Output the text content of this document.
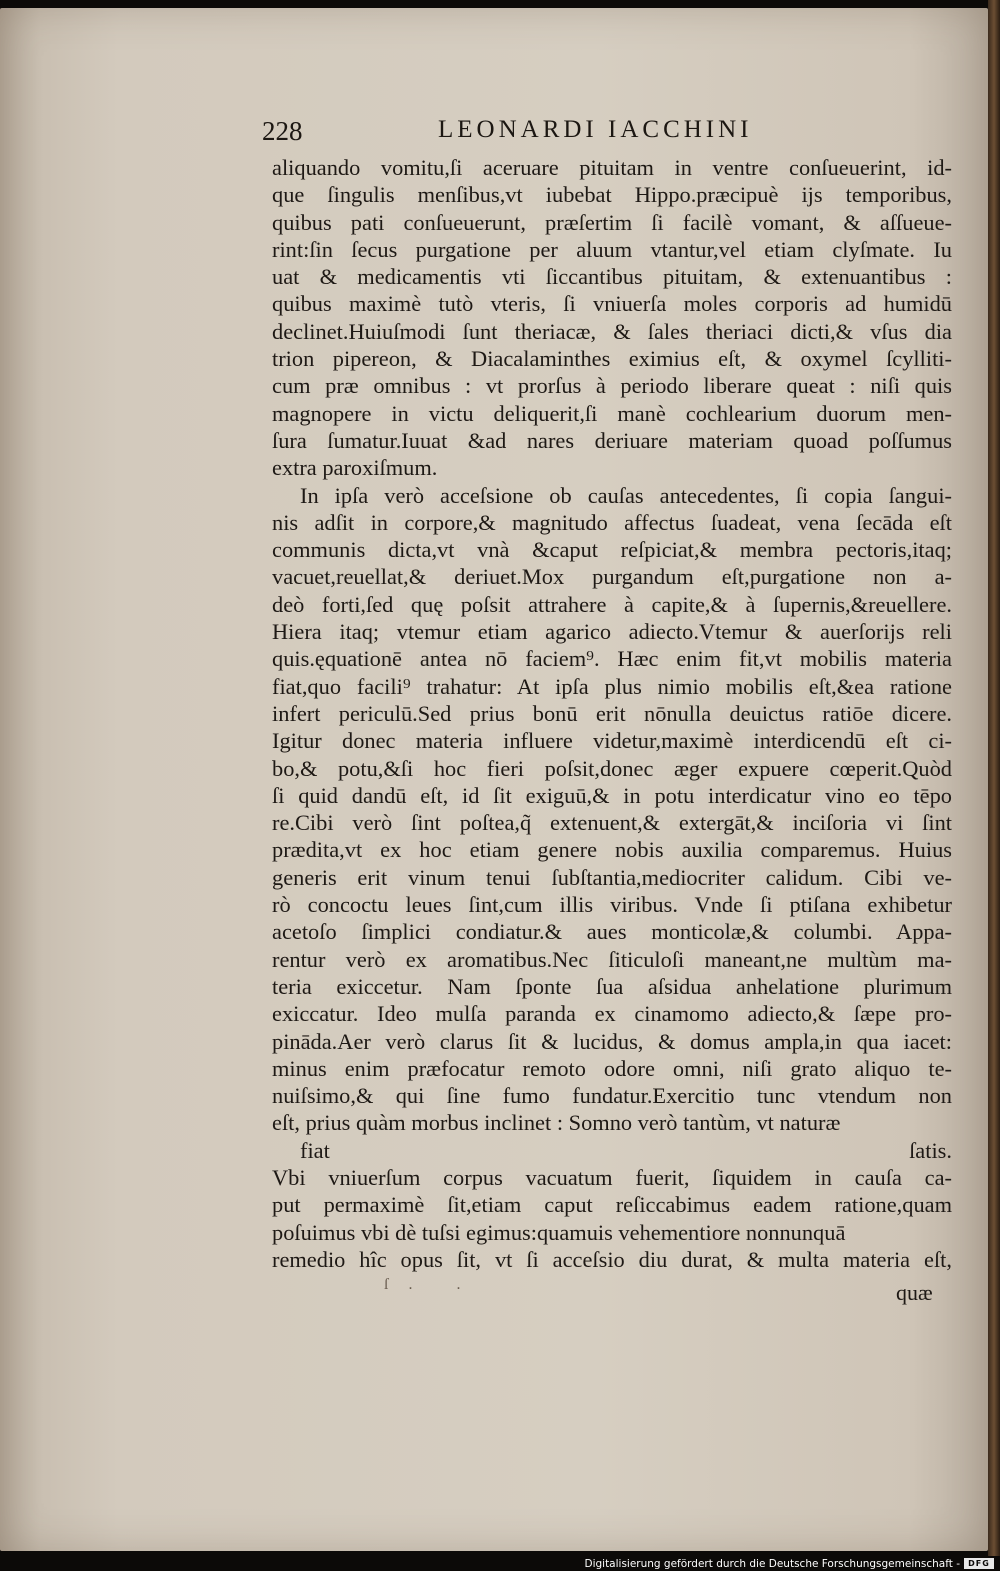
228	LEONARDI IACCHINI
aliquando vomitu,ſi aceruare pituitam in ventre conſueuerint, id-
que ſingulis menſibus,vt iubebat Hippo.præcipuè ijs temporibus,
quibus pati conſueuerunt, præſertim ſi facilè vomant, & aſſueue-
rint:ſin ſecus purgatione per aluum vtantur,vel etiam clyſmate. Iu
uat & medicamentis vti ſiccantibus pituitam, & extenuantibus :
quibus maximè tutò vteris, ſi vniuerſa moles corporis ad humidū
declinet.Huiuſmodi ſunt theriacæ, & ſales theriaci dicti,& vſus dia
trion pipereon, & Diacalaminthes eximius eſt, & oxymel ſcylliti-
cum præ omnibus : vt prorſus à periodo liberare queat : niſi quis
magnopere in victu deliquerit,ſi manè cochlearium duorum men-
ſura ſumatur.Iuuat &ad nares deriuare materiam quoad poſſumus
extra paroxiſmum.
In ipſa verò acceſsione ob cauſas antecedentes, ſi copia ſangui-
nis adſit in corpore,& magnitudo affectus ſuadeat, vena ſecāda eſt
communis dicta,vt vnà &caput reſpiciat,& membra pectoris,itaq;
vacuet,reuellat,& deriuet.Mox purgandum eſt,purgatione non a-
deò forti,ſed quę poſsit attrahere à capite,& à ſupernis,&reuellere.
Hiera itaq; vtemur etiam agarico adiecto.Vtemur & auerſorijs reli
quis.ęquationē antea nō faciem⁹. Hæc enim fit,vt mobilis materia
fiat,quo facili⁹ trahatur: At ipſa plus nimio mobilis eſt,&ea ratione
infert periculū.Sed prius bonū erit nōnulla deuictus ratiōe dicere.
Igitur donec materia influere videtur,maximè interdicendū eſt ci-
bo,& potu,&ſi hoc fieri poſsit,donec æger expuere cœperit.Quòd
ſi quid dandū eſt, id ſit exiguū,& in potu interdicatur vino eo tēpo
re.Cibi verò ſint poſtea,q̃ extenuent,& extergāt,& inciſoria vi ſint
prædita,vt ex hoc etiam genere nobis auxilia comparemus. Huius
generis erit vinum tenui ſubſtantia,mediocriter calidum. Cibi ve-
rò concoctu leues ſint,cum illis viribus. Vnde ſi ptiſana exhibetur
acetoſo ſimplici condiatur.& aues monticolæ,& columbi. Appa-
rentur verò ex aromatibus.Nec ſiticuloſi maneant,ne multùm ma-
teria exiccetur. Nam ſponte ſua aſsidua anhelatione plurimum
exiccatur. Ideo mulſa paranda ex cinamomo adiecto,& ſæpe pro-
pināda.Aer verò clarus ſit & lucidus, & domus ampla,in qua iacet:
minus enim præfocatur remoto odore omni, niſi grato aliquo te-
nuiſsimo,& qui ſine fumo fundatur.Exercitio tunc vtendum non
eſt, prius quàm morbus inclinet : Somno verò tantùm, vt naturæ
fiat ſatis.
Vbi vniuerſum corpus vacuatum fuerit, ſiquidem in cauſa ca-
put permaximè ſit,etiam caput reſiccabimus eadem ratione,quam
poſuimus vbi dè tuſsi egimus:quamuis vehementiore nonnunquā
remedio hîc opus ſit, vt ſi acceſsio diu durat, & multa materia eſt,
ſ. .	quæ
Digitalisierung gefördert durch die Deutsche Forschungsgemeinschaft -	DFG
